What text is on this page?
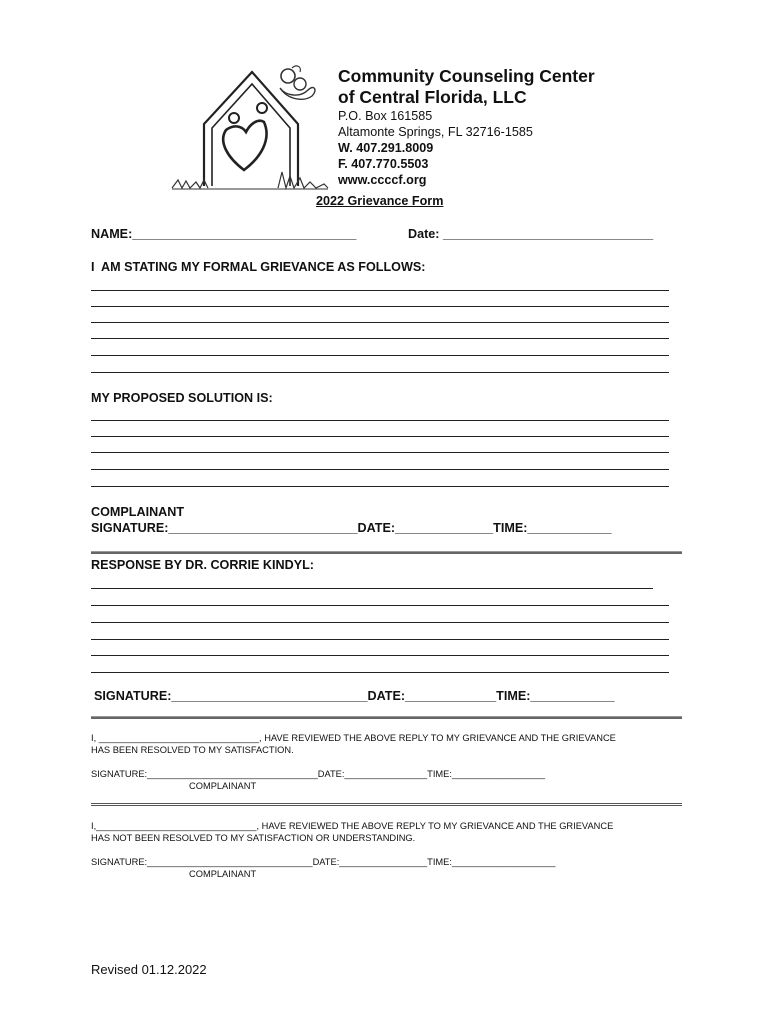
Community Counseling Center
of Central Florida, LLC
P.O. Box 161585
Altamonte Springs, FL 32716-1585
W. 407.291.8009
F. 407.770.5503
www.ccccf.org
2022 Grievance Form
NAME:________________________________	Date: ______________________________
I  AM STATING MY FORMAL GRIEVANCE AS FOLLOWS:
MY PROPOSED SOLUTION IS:
COMPLAINANT
SIGNATURE:___________________________DATE:______________TIME:____________
RESPONSE BY DR. CORRIE KINDYL:
SIGNATURE:____________________________DATE:_____________TIME:____________
I, _______________________________, HAVE REVIEWED THE ABOVE REPLY TO MY GRIEVANCE AND THE GRIEVANCE
HAS BEEN RESOLVED TO MY SATISFACTION.
SIGNATURE:_________________________________DATE:________________TIME:__________________
COMPLAINANT
I,_______________________________, HAVE REVIEWED THE ABOVE REPLY TO MY GRIEVANCE AND THE GRIEVANCE
HAS NOT BEEN RESOLVED TO MY SATISFACTION OR UNDERSTANDING.
SIGNATURE:________________________________DATE:_________________TIME:____________________
COMPLAINANT
Revised 01.12.2022
